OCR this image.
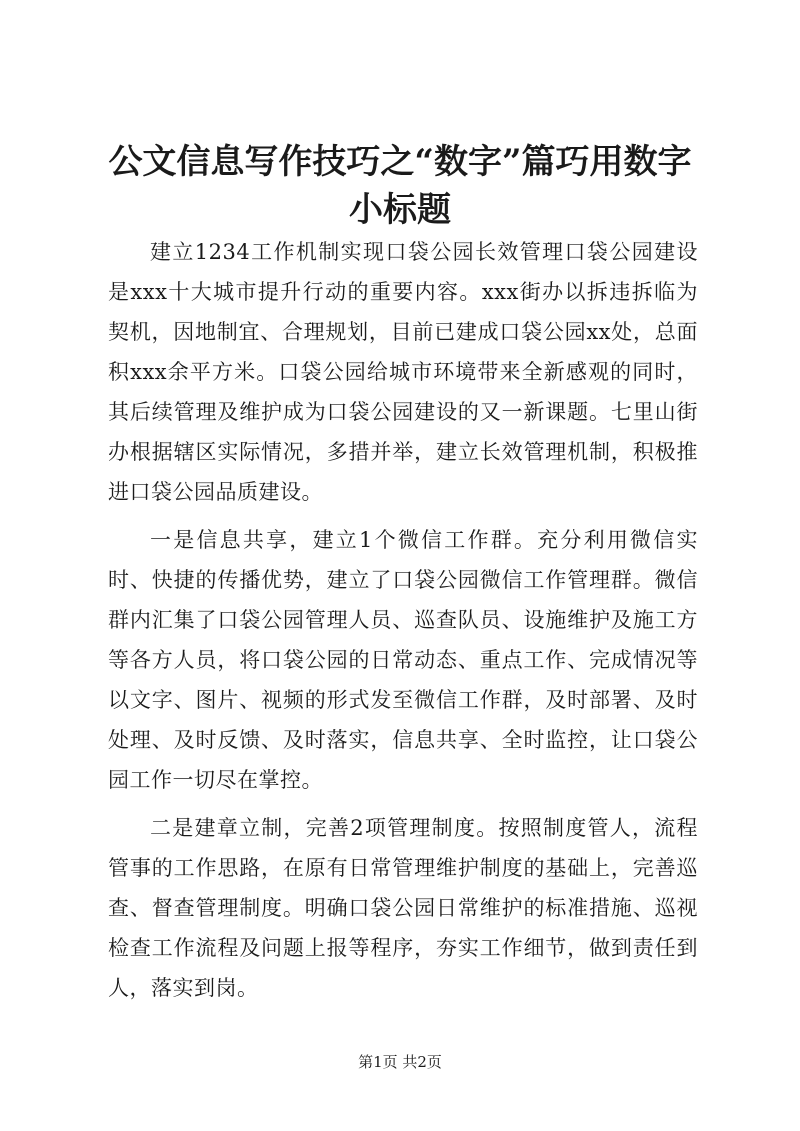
公文信息写作技巧之“数字”篇巧用数字小标题

建立1234工作机制实现口袋公园长效管理口袋公园建设是xxx十大城市提升行动的重要内容。xxx街办以拆违拆临为契机，因地制宜、合理规划，目前已建成口袋公园xx处，总面积xxx余平方米。口袋公园给城市环境带来全新感观的同时，其后续管理及维护成为口袋公园建设的又一新课题。七里山街办根据辖区实际情况，多措并举，建立长效管理机制，积极推进口袋公园品质建设。

一是信息共享，建立1个微信工作群。充分利用微信实时、快捷的传播优势，建立了口袋公园微信工作管理群。微信群内汇集了口袋公园管理人员、巡查队员、设施维护及施工方等各方人员，将口袋公园的日常动态、重点工作、完成情况等以文字、图片、视频的形式发至微信工作群，及时部署、及时处理、及时反馈、及时落实，信息共享、全时监控，让口袋公园工作一切尽在掌控。

二是建章立制，完善2项管理制度。按照制度管人，流程管事的工作思路，在原有日常管理维护制度的基础上，完善巡查、督查管理制度。明确口袋公园日常维护的标准措施、巡视检查工作流程及问题上报等程序，夯实工作细节，做到责任到人，落实到岗。

第1页 共2页
